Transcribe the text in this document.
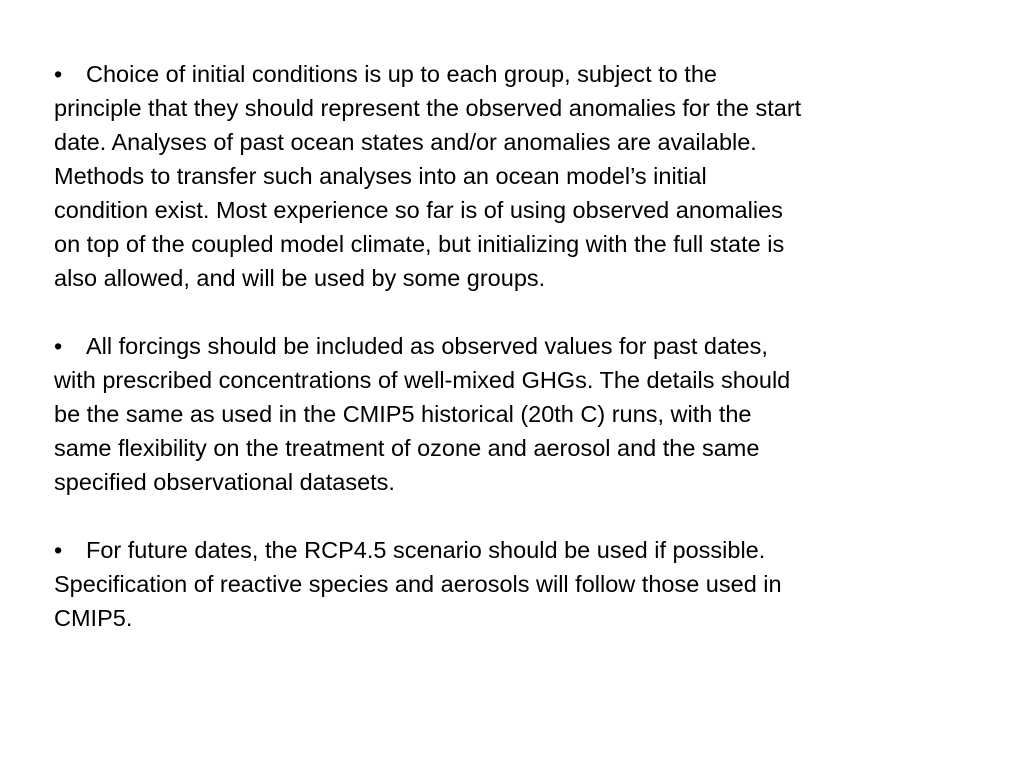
• Choice of initial conditions is up to each group, subject to the
principle that they should represent the observed anomalies for the start
date. Analyses of past ocean states and/or anomalies are available.
Methods to transfer such analyses into an ocean model’s initial
condition exist. Most experience so far is of using observed anomalies
on top of the coupled model climate, but initializing with the full state is
also allowed, and will be used by some groups.
• All forcings should be included as observed values for past dates,
with prescribed concentrations of well-mixed GHGs. The details should
be the same as used in the CMIP5 historical (20th C) runs, with the
same flexibility on the treatment of ozone and aerosol and the same
specified observational datasets.
• For future dates, the RCP4.5 scenario should be used if possible.
Specification of reactive species and aerosols will follow those used in
CMIP5.
